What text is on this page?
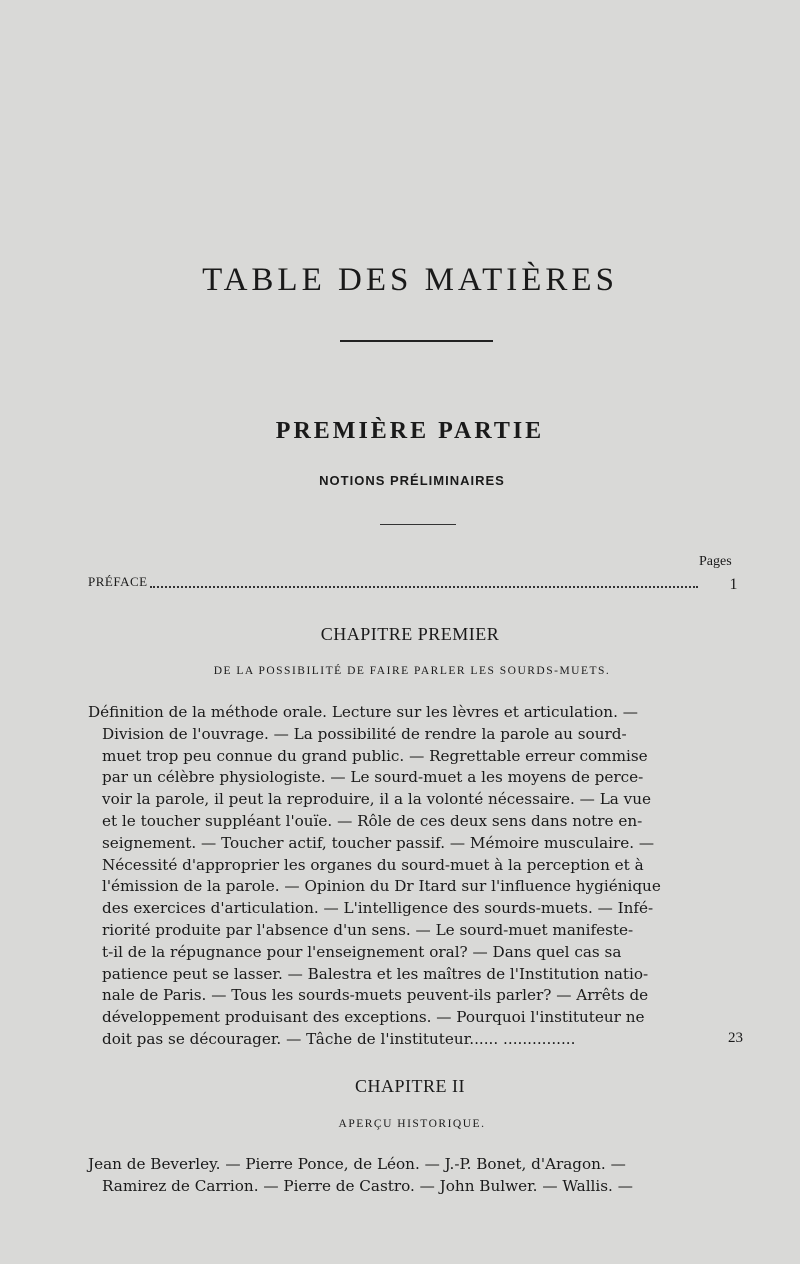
TABLE DES MATIÈRES
PREMIÈRE PARTIE
NOTIONS PRÉLIMINAIRES
Pages
PRÉFACE	1
CHAPITRE PREMIER
DE LA POSSIBILITÉ DE FAIRE PARLER LES SOURDS-MUETS.
Définition de la méthode orale. Lecture sur les lèvres et articulation. —
Division de l'ouvrage. — La possibilité de rendre la parole au sourd-
muet trop peu connue du grand public. — Regrettable erreur commise
par un célèbre physiologiste. — Le sourd-muet a les moyens de perce-
voir la parole, il peut la reproduire, il a la volonté nécessaire. — La vue
et le toucher suppléant l'ouïe. — Rôle de ces deux sens dans notre en-
seignement. — Toucher actif, toucher passif. — Mémoire musculaire. —
Nécessité d'approprier les organes du sourd-muet à la perception et à
l'émission de la parole. — Opinion du Dr Itard sur l'influence hygiénique
des exercices d'articulation. — L'intelligence des sourds-muets. — Infé-
riorité produite par l'absence d'un sens. — Le sourd-muet manifeste-
t-il de la répugnance pour l'enseignement oral? — Dans quel cas sa
patience peut se lasser. — Balestra et les maîtres de l'Institution natio-
nale de Paris. — Tous les sourds-muets peuvent-ils parler? — Arrêts de
développement produisant des exceptions. — Pourquoi l'instituteur ne
doit pas se décourager. — Tâche de l'instituteur...... ...............	23
CHAPITRE II
APERÇU HISTORIQUE.
Jean de Beverley. — Pierre Ponce, de Léon. — J.-P. Bonet, d'Aragon. —
Ramirez de Carrion. — Pierre de Castro. — John Bulwer. — Wallis. —
